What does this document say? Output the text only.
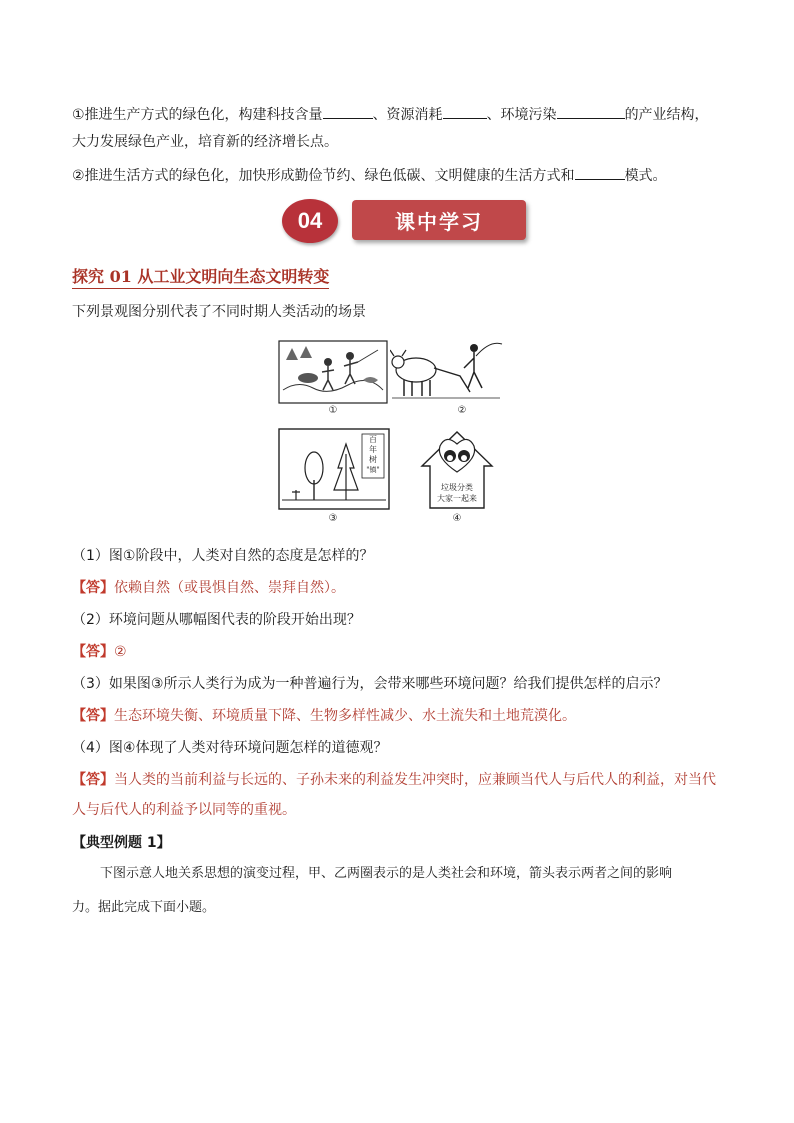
①推进生产方式的绿色化，构建科技含量	、资源消耗	、环境污染	的产业结构，
大力发展绿色产业，培育新的经济增长点。
②推进生活方式的绿色化，加快形成勤俭节约、绿色低碳、文明健康的生活方式和	模式。
04	课中学习
探究 01 从工业文明向生态文明转变
下列景观图分别代表了不同时期人类活动的场景
①	②
百
年
树
"镇"
③
垃圾分类
大家一起来
④
（1）图①阶段中，人类对自然的态度是怎样的？
【答】依赖自然（或畏惧自然、崇拜自然）。
（2）环境问题从哪幅图代表的阶段开始出现？
【答】②
（3）如果图③所示人类行为成为一种普遍行为，会带来哪些环境问题？给我们提供怎样的启示？
【答】生态环境失衡、环境质量下降、生物多样性减少、水土流失和土地荒漠化。
（4）图④体现了人类对待环境问题怎样的道德观？
【答】当人类的当前利益与长远的、子孙未来的利益发生冲突时，应兼顾当代人与后代人的利益，对当代
人与后代人的利益予以同等的重视。
【典型例题 1】
下图示意人地关系思想的演变过程，甲、乙两圈表示的是人类社会和环境，箭头表示两者之间的影响
力。据此完成下面小题。
